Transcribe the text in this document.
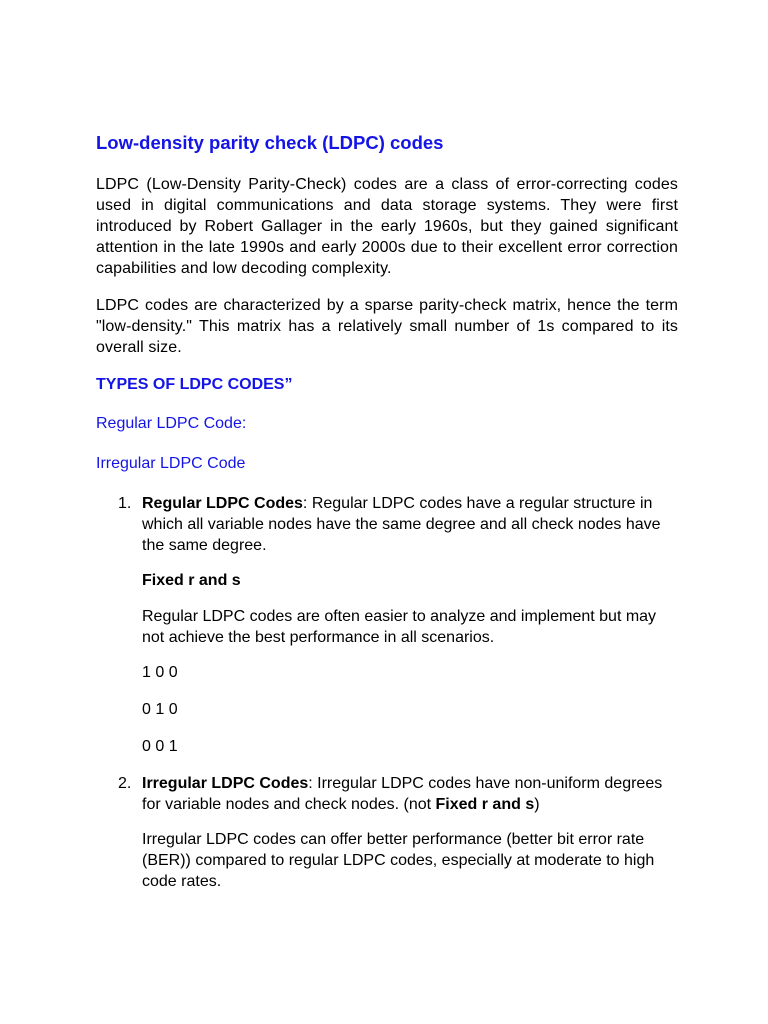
Low-density parity check (LDPC) codes

LDPC (Low-Density Parity-Check) codes are a class of error-correcting codes used in digital communications and data storage systems. They were first introduced by Robert Gallager in the early 1960s, but they gained significant attention in the late 1990s and early 2000s due to their excellent error correction capabilities and low decoding complexity.

LDPC codes are characterized by a sparse parity-check matrix, hence the term "low-density." This matrix has a relatively small number of 1s compared to its overall size.

TYPES OF LDPC CODES”
Regular LDPC Code:
Irregular LDPC Code
1. Regular LDPC Codes: Regular LDPC codes have a regular structure in which all variable nodes have the same degree and all check nodes have the same degree.

Fixed r and s

Regular LDPC codes are often easier to analyze and implement but may not achieve the best performance in all scenarios.

1 0 0
0 1 0
0 0 1
2. Irregular LDPC Codes: Irregular LDPC codes have non-uniform degrees for variable nodes and check nodes. (not Fixed r and s)

Irregular LDPC codes can offer better performance (better bit error rate (BER)) compared to regular LDPC codes, especially at moderate to high code rates.
